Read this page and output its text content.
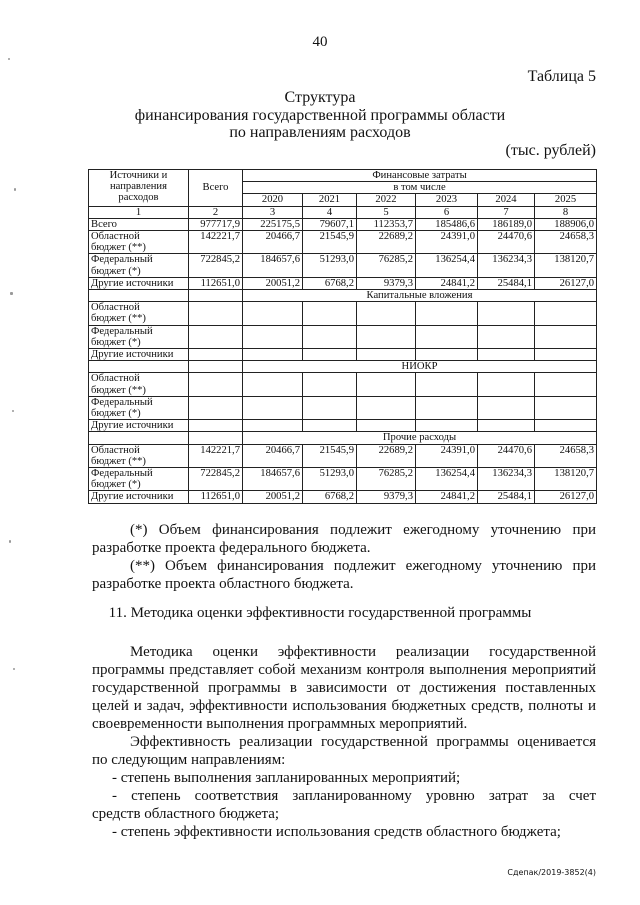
40
Таблица 5
Структура
финансирования государственной программы области
по направлениям расходов
(тыс. рублей)
Источники и
направления
расходов	Всего	Финансовые затраты					
		в том числе					
		2020	2021	2022	2023	2024	2025
1	2	3	4	5	6	7	8

Всего	977717,9	225175,5	79607,1	112353,7	185486,6	186189,0	188906,0

Областной
бюджет (**)	142221,7	20466,7	21545,9	22689,2	24391,0	24470,6	24658,3

Федеральный
бюджет (*)	722845,2	184657,6	51293,0	76285,2	136254,4	136234,3	138120,7

Другие источники	112651,0	20051,2	6768,2	9379,3	24841,2	25484,1	26127,0
		Капитальные вложения					

Областной
бюджет (**)							

Федеральный
бюджет (*)							

Другие источники							

		НИОКР					

Областной
бюджет (**)							

Федеральный
бюджет (*)							

Другие источники							

		Прочие расходы					

Областной
бюджет (**)	142221,7	20466,7	21545,9	22689,2	24391,0	24470,6	24658,3

Федеральный
бюджет (*)	722845,2	184657,6	51293,0	76285,2	136254,4	136234,3	138120,7

Другие источники	112651,0	20051,2	6768,2	9379,3	24841,2	25484,1	26127,0
(*) Объем финансирования подлежит ежегодному уточнению при
разработке проекта федерального бюджета.
(**) Объем финансирования подлежит ежегодному уточнению при
разработке проекта областного бюджета.
11. Методика оценки эффективности государственной программы
Методика оценки эффективности реализации государственной
программы представляет собой механизм контроля выполнения мероприятий
государственной программы в зависимости от достижения поставленных
целей и задач, эффективности использования бюджетных средств, полноты и
своевременности выполнения программных мероприятий.
Эффективность реализации государственной программы оценивается
по следующим направлениям:
- степень выполнения запланированных мероприятий;
- степень соответствия запланированному уровню затрат за счет
средств областного бюджета;
- степень эффективности использования средств областного бюджета;
Сдепак/2019-3852(4)
